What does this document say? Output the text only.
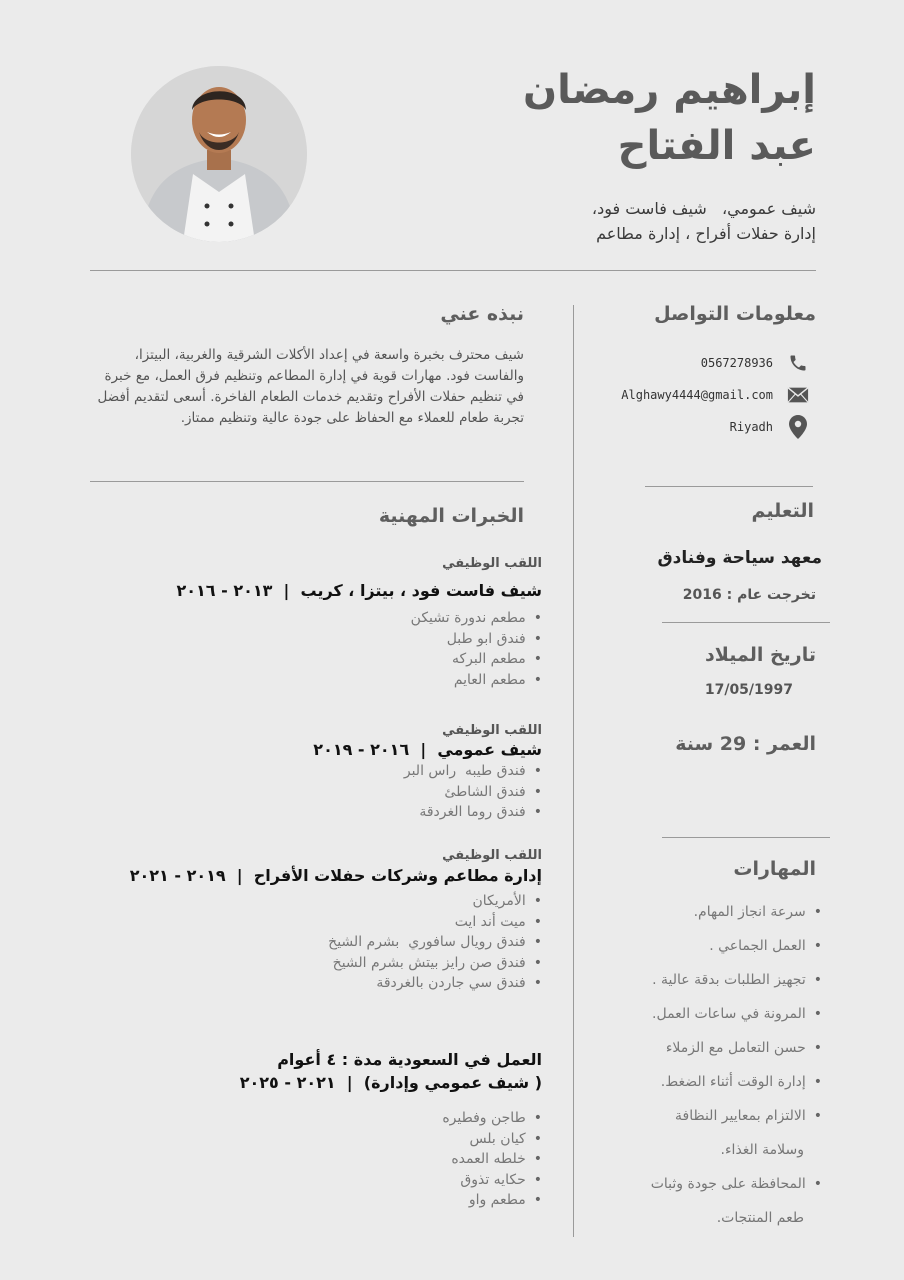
إبراهيم رمضان
عبد الفتاح
شيف عمومي،   شيف فاست فود،
إدارة حفلات أفراح ، إدارة مطاعم
معلومات التواصل
0567278936
Alghawy4444@gmail.com
Riyadh
التعليم
معهد سياحة وفنادق
تخرجت عام : 2016
تاريخ الميلاد
17/05/1997
العمر : 29 سنة
المهارات
• سرعة انجاز المهام.
• العمل الجماعي .
• تجهيز الطلبات بدقة عالية .
• المرونة في ساعات العمل.
• حسن التعامل مع الزملاء
• إدارة الوقت أثناء الضغط.
• الالتزام بمعايير النظافة
وسلامة الغذاء.
• المحافظة على جودة وثبات
طعم المنتجات.
نبذه عني
شيف محترف بخبرة واسعة في إعداد الأكلات الشرقية والغربية، البيتزا، والفاست فود. مهارات قوية في إدارة المطاعم وتنظيم فرق العمل، مع خبرة في تنظيم حفلات الأفراح وتقديم خدمات الطعام الفاخرة. أسعى لتقديم أفضل تجربة طعام للعملاء مع الحفاظ على جودة عالية وتنظيم ممتاز.
الخبرات المهنية
اللقب الوظيفي
شيف فاست فود ، بيتزا ، كريب  |  ٢٠١٣ - ٢٠١٦
• مطعم ندورة تشيكن
• فندق ابو طبل
• مطعم البركه
• مطعم العايم
اللقب الوظيفي
شيف عمومي  |  ٢٠١٦ - ٢٠١٩
• فندق طيبه  راس البر
• فندق الشاطئ
• فندق روما الغردقة
اللقب الوظيفي
إدارة مطاعم وشركات حفلات الأفراح  |  ٢٠١٩ - ٢٠٢١
• الأمريكان
• ميت أند ايت
• فندق رويال سافوري  بشرم الشيخ
• فندق صن رايز بيتش بشرم الشيخ
• فندق سي جاردن بالغردقة
العمل في السعودية مدة : ٤ أعوام
( شيف عمومي وإدارة)  |  ٢٠٢١ - ٢٠٢٥
• طاجن وفطيره
• كيان بلس
• خلطه العمده
• حكايه تذوق
• مطعم واو
